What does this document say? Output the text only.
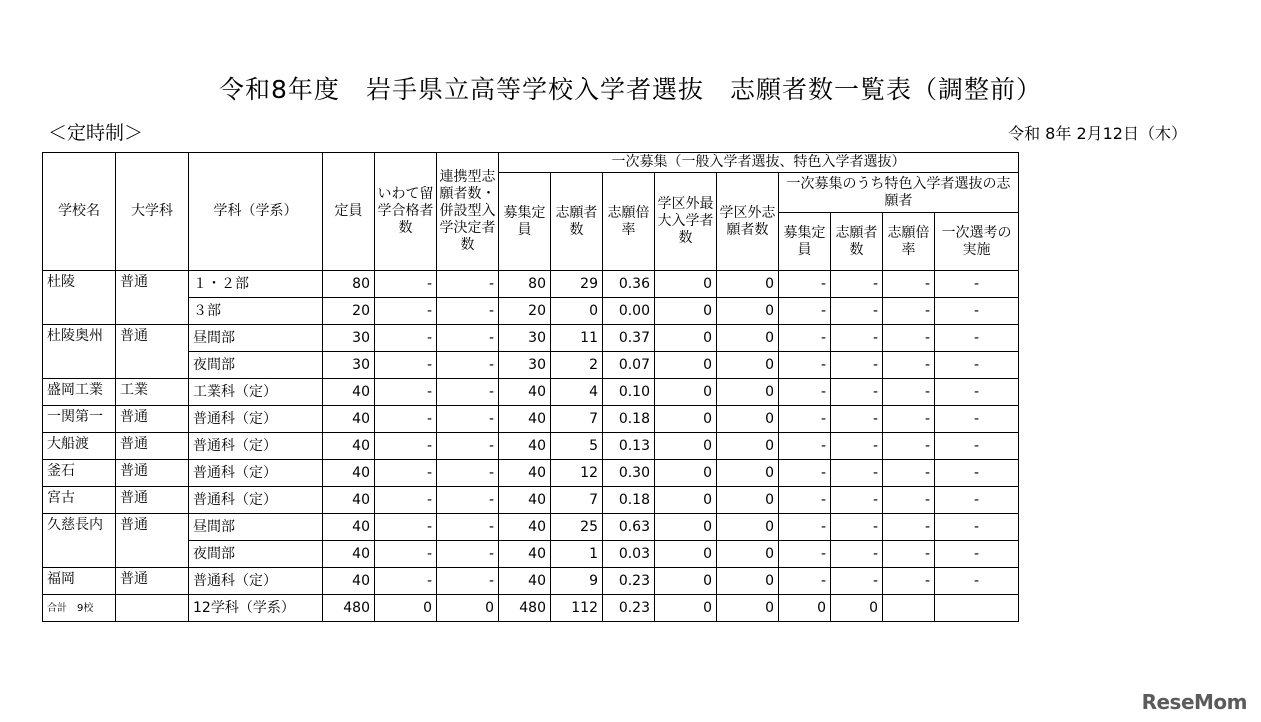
令和8年度　岩手県立高等学校入学者選抜　志願者数一覧表（調整前）
＜定時制＞	令和 8年 2月12日（木）
学校名	大学科	学科（学系）	定員	いわて留学合格者数	連携型志願者数・併設型入学決定者数	一次募集（一般入学者選抜、特色入学者選抜）								
						募集定員	志願者数	志願倍率	学区外最大入学者数	学区外志願者数	一次募集のうち特色入学者選抜の志願者			
											募集定員	志願者数	志願倍率	一次選考の実施
杜陵	普通	１・２部	80	-	-	80	29	0.36	0	0	-	-	-	-
		３部	20	-	-	20	0	0.00	0	0	-	-	-	-
杜陵奥州	普通	昼間部	30	-	-	30	11	0.37	0	0	-	-	-	-
		夜間部	30	-	-	30	2	0.07	0	0	-	-	-	-
盛岡工業	工業	工業科（定）	40	-	-	40	4	0.10	0	0	-	-	-	-
一関第一	普通	普通科（定）	40	-	-	40	7	0.18	0	0	-	-	-	-
大船渡	普通	普通科（定）	40	-	-	40	5	0.13	0	0	-	-	-	-
釜石	普通	普通科（定）	40	-	-	40	12	0.30	0	0	-	-	-	-
宮古	普通	普通科（定）	40	-	-	40	7	0.18	0	0	-	-	-	-
久慈長内	普通	昼間部	40	-	-	40	25	0.63	0	0	-	-	-	-
		夜間部	40	-	-	40	1	0.03	0	0	-	-	-	-
福岡	普通	普通科（定）	40	-	-	40	9	0.23	0	0	-	-	-	-
合計　9校		12学科（学系）	480	0	0	480	112	0.23	0	0	0	0		
ReseMom
